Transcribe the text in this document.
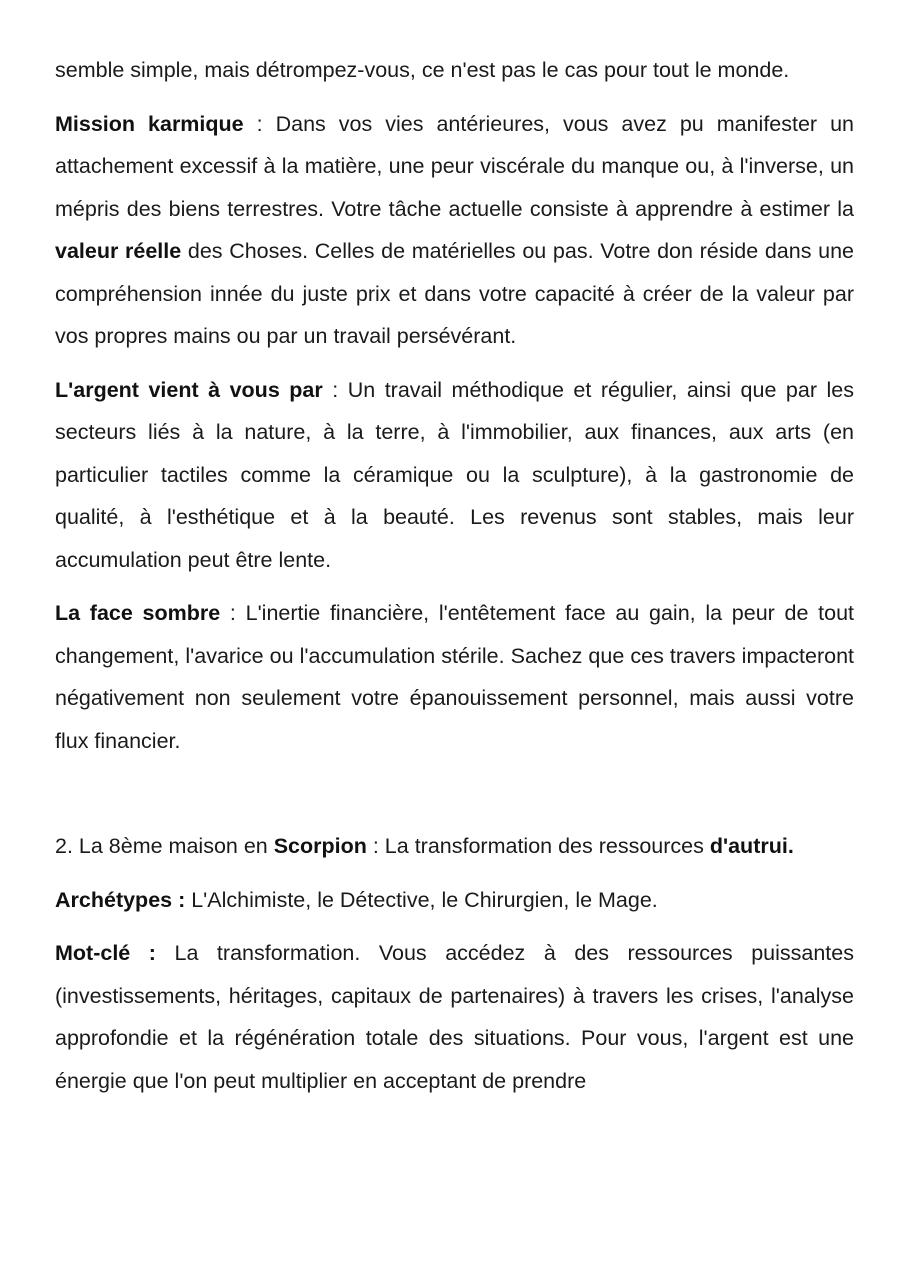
semble simple, mais détrompez-vous, ce n'est pas le cas pour tout le monde.

Mission karmique : Dans vos vies antérieures, vous avez pu manifester un attachement excessif à la matière, une peur viscérale du manque ou, à l'inverse, un mépris des biens terrestres. Votre tâche actuelle consiste à apprendre à estimer la valeur réelle des Choses. Celles de matérielles ou pas. Votre don réside dans une compréhension innée du juste prix et dans votre capacité à créer de la valeur par vos propres mains ou par un travail persévérant.

L'argent vient à vous par : Un travail méthodique et régulier, ainsi que par les secteurs liés à la nature, à la terre, à l'immobilier, aux finances, aux arts (en particulier tactiles comme la céramique ou la sculpture), à la gastronomie de qualité, à l'esthétique et à la beauté. Les revenus sont stables, mais leur accumulation peut être lente.

La face sombre : L'inertie financière, l'entêtement face au gain, la peur de tout changement, l'avarice ou l'accumulation stérile. Sachez que ces travers impacteront négativement non seulement votre épanouissement personnel, mais aussi votre flux financier.

2. La 8ème maison en Scorpion : La transformation des ressources d'autrui.

Archétypes : L'Alchimiste, le Détective, le Chirurgien, le Mage.

Mot-clé : La transformation. Vous accédez à des ressources puissantes (investissements, héritages, capitaux de partenaires) à travers les crises, l'analyse approfondie et la régénération totale des situations. Pour vous, l'argent est une énergie que l'on peut multiplier en acceptant de prendre
